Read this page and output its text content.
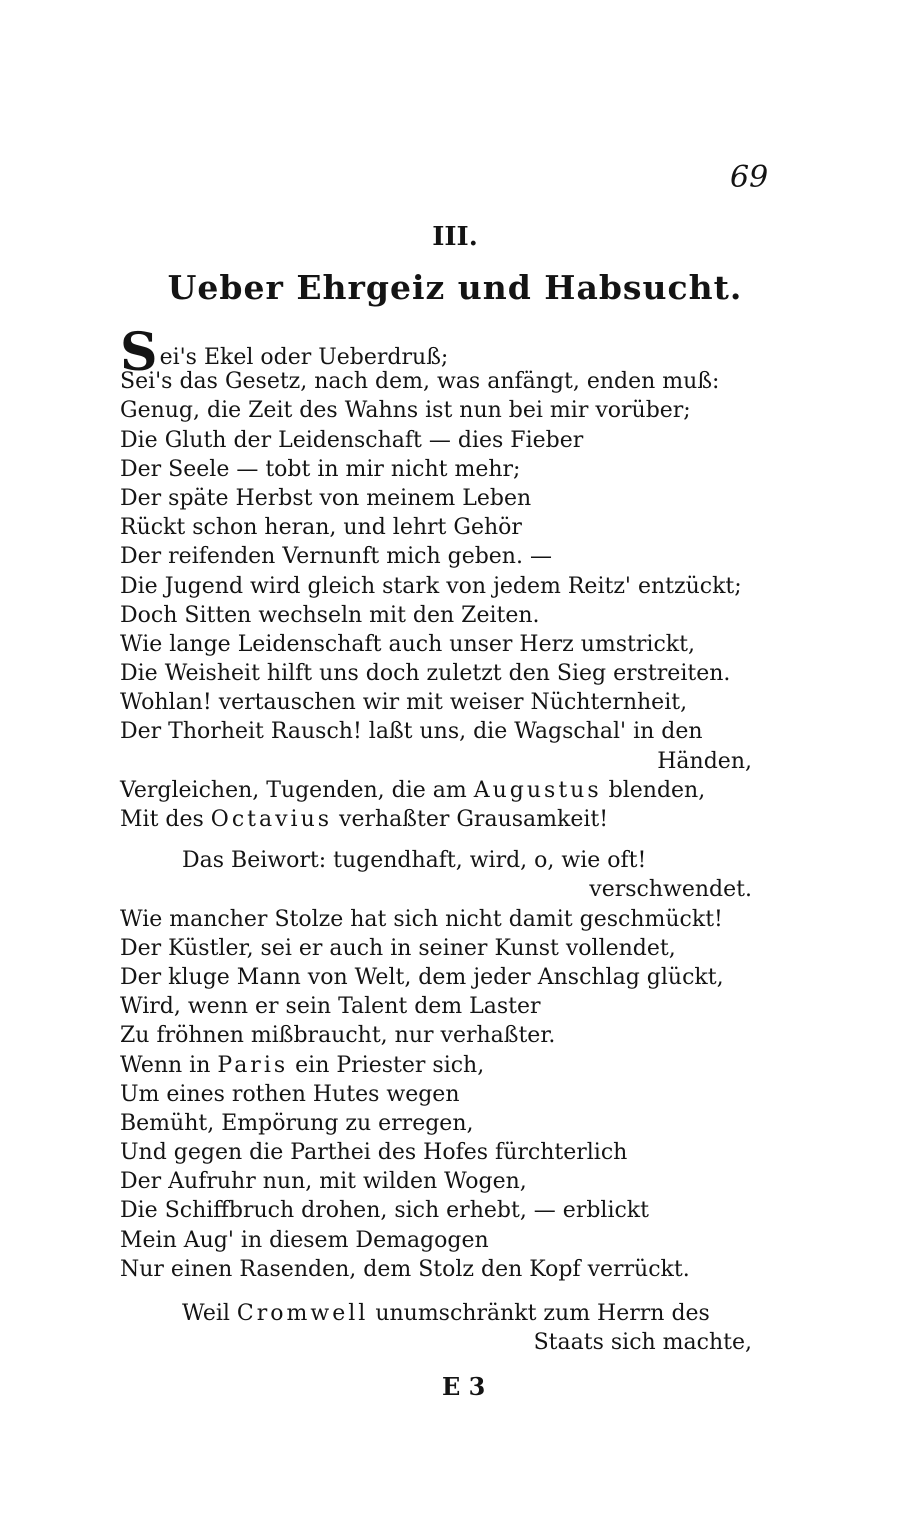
69
III.
Ueber Ehrgeiz und Habsucht.
Sei's Ekel oder Ueberdruß;
Sei's das Gesetz, nach dem, was anfängt, enden muß:
Genug, die Zeit des Wahns ist nun bei mir vorüber;
Die Gluth der Leidenschaft — dies Fieber
Der Seele — tobt in mir nicht mehr;
Der späte Herbst von meinem Leben
Rückt schon heran, und lehrt Gehör
Der reifenden Vernunft mich geben. —
Die Jugend wird gleich stark von jedem Reitz' entzückt;
Doch Sitten wechseln mit den Zeiten.
Wie lange Leidenschaft auch unser Herz umstrickt,
Die Weisheit hilft uns doch zuletzt den Sieg erstreiten.
Wohlan! vertauschen wir mit weiser Nüchternheit,
Der Thorheit Rausch! laßt uns, die Wagschal' in den
Händen,
Vergleichen, Tugenden, die am Augustus blenden,
Mit des Octavius verhaßter Grausamkeit!
Das Beiwort: tugendhaft, wird, o, wie oft!
verschwendet.
Wie mancher Stolze hat sich nicht damit geschmückt!
Der Küstler, sei er auch in seiner Kunst vollendet,
Der kluge Mann von Welt, dem jeder Anschlag glückt,
Wird, wenn er sein Talent dem Laster
Zu fröhnen mißbraucht, nur verhaßter.
Wenn in Paris ein Priester sich,
Um eines rothen Hutes wegen
Bemüht, Empörung zu erregen,
Und gegen die Parthei des Hofes fürchterlich
Der Aufruhr nun, mit wilden Wogen,
Die Schiffbruch drohen, sich erhebt, — erblickt
Mein Aug' in diesem Demagogen
Nur einen Rasenden, dem Stolz den Kopf verrückt.
Weil Cromwell unumschränkt zum Herrn des
Staats sich machte,
E 3
